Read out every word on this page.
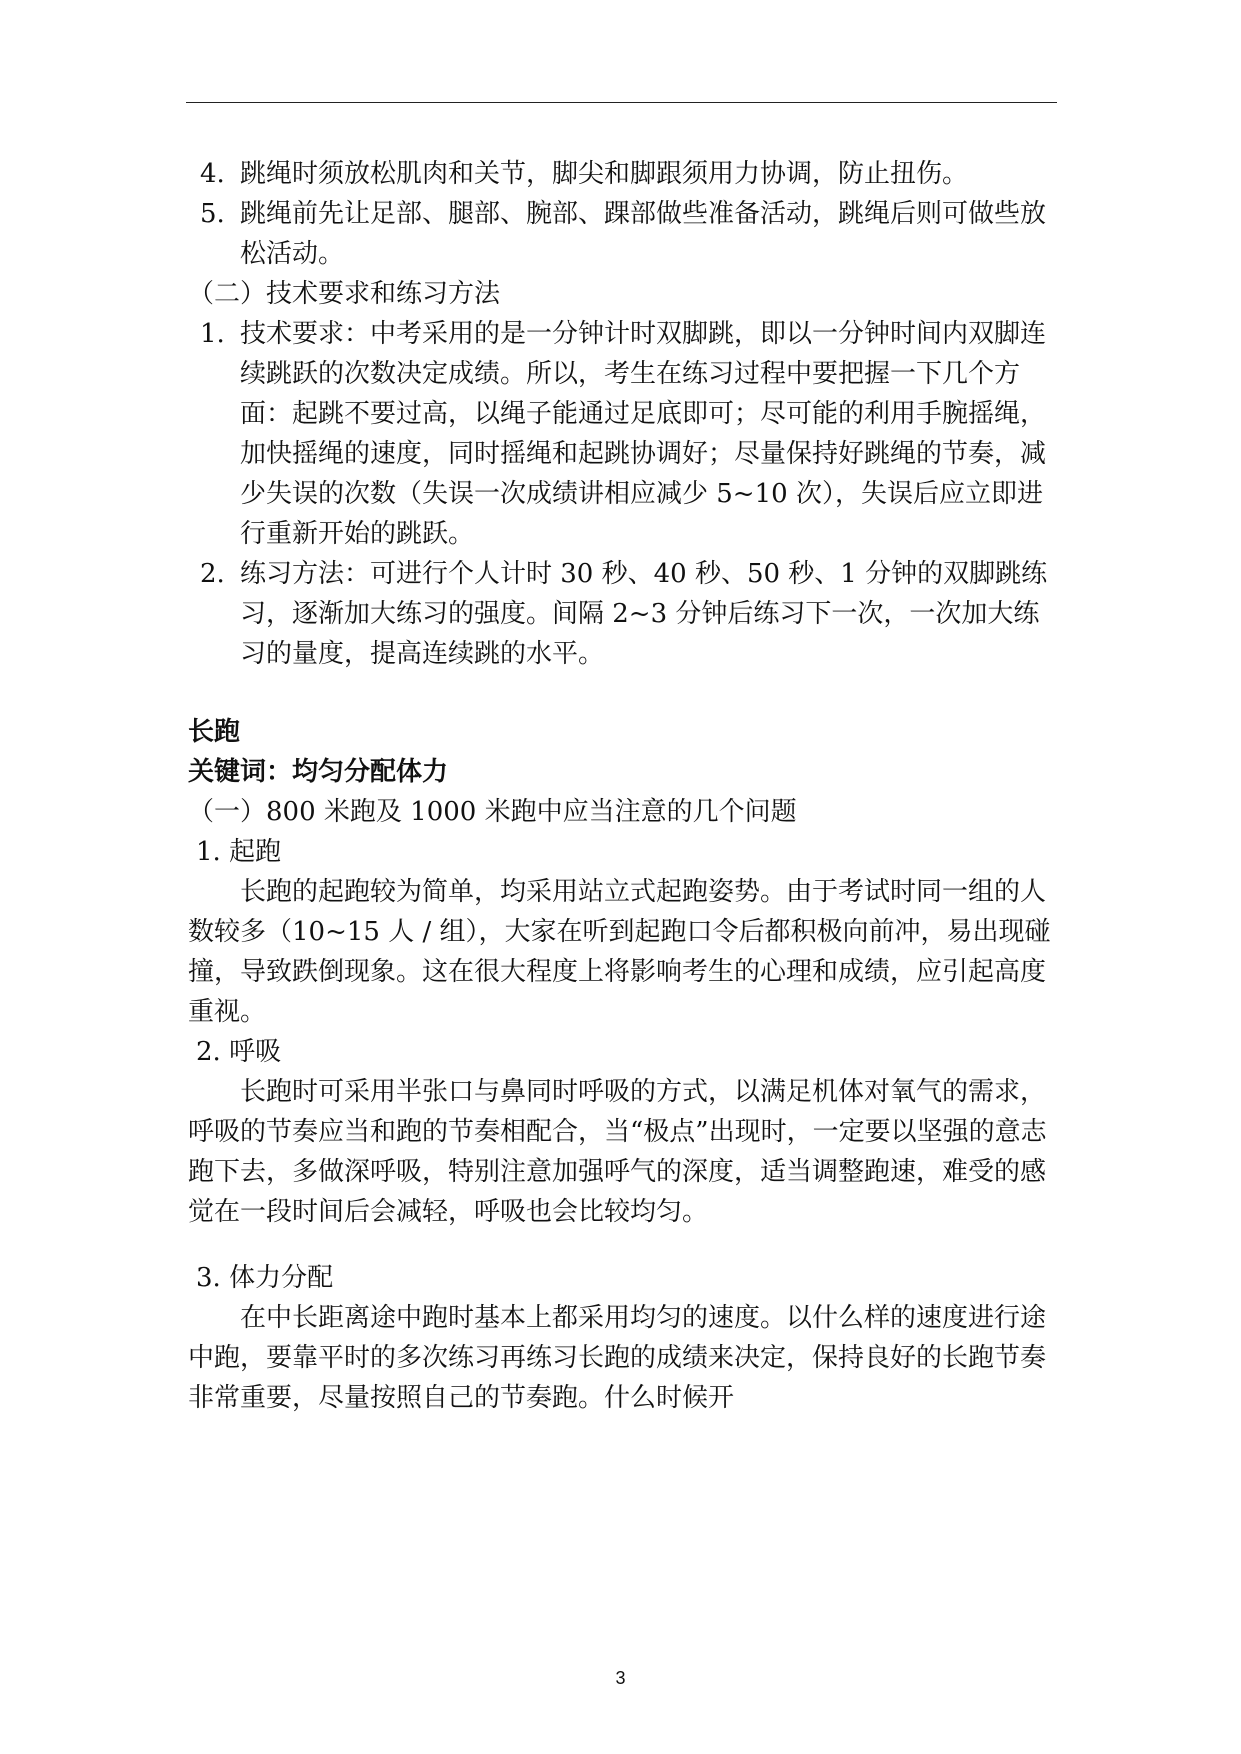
4. 跳绳时须放松肌肉和关节，脚尖和脚跟须用力协调，防止扭伤。
5. 跳绳前先让足部、腿部、腕部、踝部做些准备活动，跳绳后则可做些放松活动。
（二）技术要求和练习方法
1. 技术要求：中考采用的是一分钟计时双脚跳，即以一分钟时间内双脚连续跳跃的次数决定成绩。所以，考生在练习过程中要把握一下几个方面：起跳不要过高，以绳子能通过足底即可；尽可能的利用手腕摇绳，加快摇绳的速度，同时摇绳和起跳协调好；尽量保持好跳绳的节奏，减少失误的次数（失误一次成绩讲相应减少 5~10 次），失误后应立即进行重新开始的跳跃。
2. 练习方法：可进行个人计时 30 秒、40 秒、50 秒、1 分钟的双脚跳练习，逐渐加大练习的强度。间隔 2~3 分钟后练习下一次，一次加大练习的量度，提高连续跳的水平。
长跑
关键词：均匀分配体力
（一）800 米跑及 1000 米跑中应当注意的几个问题
1. 起跑
长跑的起跑较为简单，均采用站立式起跑姿势。由于考试时同一组的人数较多（10~15 人 / 组），大家在听到起跑口令后都积极向前冲，易出现碰撞，导致跌倒现象。这在很大程度上将影响考生的心理和成绩，应引起高度重视。
2. 呼吸
长跑时可采用半张口与鼻同时呼吸的方式，以满足机体对氧气的需求，呼吸的节奏应当和跑的节奏相配合，当“极点”出现时，一定要以坚强的意志跑下去，多做深呼吸，特别注意加强呼气的深度，适当调整跑速，难受的感觉在一段时间后会减轻，呼吸也会比较均匀。
3. 体力分配
在中长距离途中跑时基本上都采用均匀的速度。以什么样的速度进行途中跑，要靠平时的多次练习再练习长跑的成绩来决定，保持良好的长跑节奏非常重要，尽量按照自己的节奏跑。什么时候开
3
